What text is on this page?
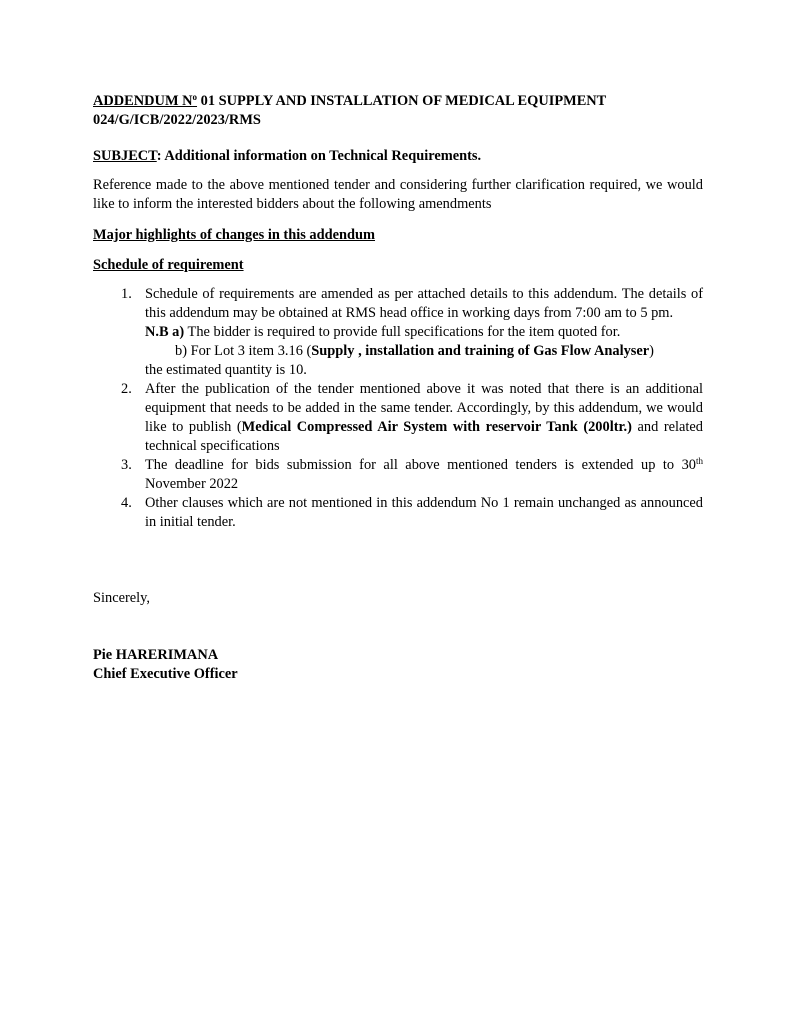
ADDENDUM $N^o$ 01 SUPPLY AND INSTALLATION OF MEDICAL EQUIPMENT
024/G/ICB/2022/2023/RMS

SUBJECT: Additional information on Technical Requirements.

Reference made to the above mentioned tender and considering further clarification required, we would like to inform the interested bidders about the following amendments

Major highlights of changes in this addendum

Schedule of requirement

1. Schedule of requirements are amended as per attached details to this addendum. The details of this addendum may be obtained at RMS head office in working days from 7:00 am to 5 pm.
N.B a) The bidder is required to provide full specifications for the item quoted for.
b) For Lot 3 item 3.16 (Supply , installation and training of Gas Flow Analyser)
the estimated quantity is 10.
2. After the publication of the tender mentioned above it was noted that there is an additional equipment that needs to be added in the same tender. Accordingly, by this addendum, we would like to publish (Medical Compressed Air System with reservoir Tank (200ltr.) and related technical specifications
3. The deadline for bids submission for all above mentioned tenders is extended up to 30th November 2022
4. Other clauses which are not mentioned in this addendum No 1 remain unchanged as announced in initial tender.

Sincerely,

Pie HARERIMANA

Chief Executive Officer
